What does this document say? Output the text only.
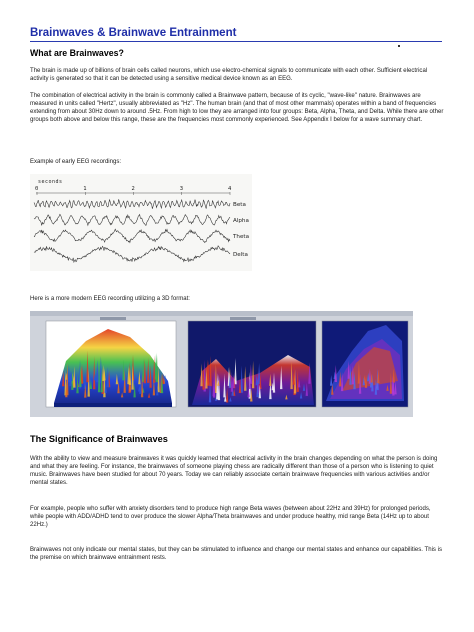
Brainwaves & Brainwave Entrainment
What are Brainwaves?
The brain is made up of billions of brain cells called neurons, which use electro-chemical signals to communicate with each other. Sufficient electrical activity is generated so that it can be detected using a sensitive medical device known as an EEG.
The combination of electrical activity in the brain is commonly called a Brainwave pattern, because of its cyclic, "wave-like" nature. Brainwaves are measured in units called "Hertz", usually abbreviated as "Hz". The human brain (and that of most other mammals) operates within a band of frequencies extending from about 30Hz down to around .5Hz. From high to low they are arranged into four groups: Beta, Alpha, Theta, and Delta. While there are other groups both above and below this range, these are the frequencies most commonly experienced. See Appendix I below for a wave summary chart.
Example of early EEG recordings:
seconds
0	1	2	3	4
Beta
Alpha
Theta
Delta
Here is a more modern EEG recording utilizing a 3D format:
The Significance of Brainwaves
With the ability to view and measure brainwaves it was quickly learned that electrical activity in the brain changes depending on what the person is doing and what they are feeling. For instance, the brainwaves of someone playing chess are radically different than those of a person who is listening to quiet music. Brainwaves have been studied for about 70 years. Today we can reliably associate certain brainwave frequencies with various activities and/or mental states.
For example, people who suffer with anxiety disorders tend to produce high range Beta waves (between about 22Hz and 39Hz) for prolonged periods, while people with ADD/ADHD tend to over produce the slower Alpha/Theta brainwaves and under produce healthy, mid range Beta (14Hz up to about 22Hz.)
Brainwaves not only indicate our mental states, but they can be stimulated to influence and change our mental states and enhance our capabilities. This is the premise on which brainwave entrainment rests.
